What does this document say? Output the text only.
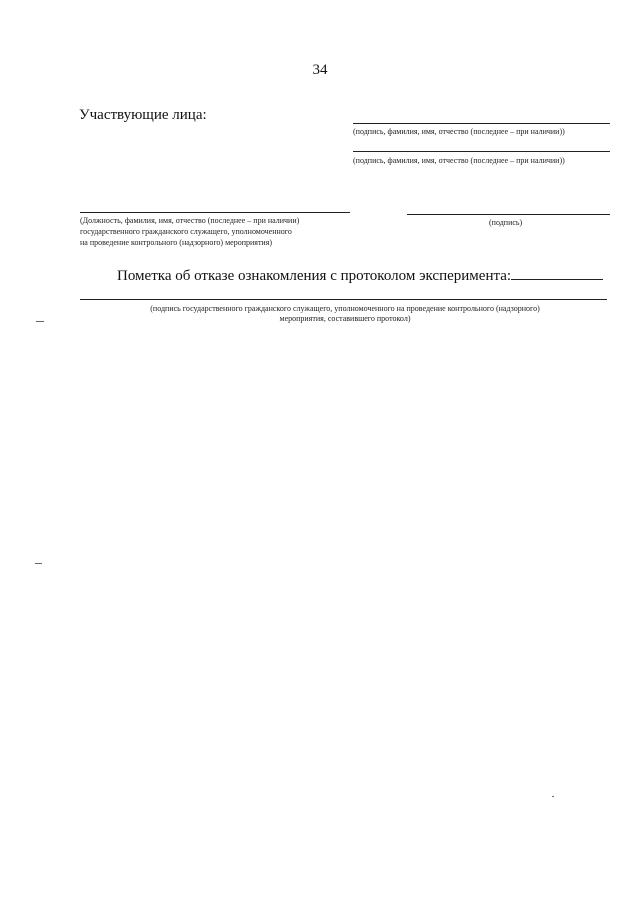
34
Участвующие лица:
(подпись, фамилия, имя, отчество (последнее – при наличии))
(подпись, фамилия, имя, отчество (последнее – при наличии))
(Должность, фамилия, имя, отчество (последнее – при наличии)
государственного гражданского служащего, уполномоченного
на проведение контрольного (надзорного) мероприятия)
(подпись)
Пометка об отказе ознакомления с протоколом эксперимента:
(подпись государственного гражданского служащего, уполномоченного на проведение контрольного (надзорного)
мероприятия, составившего протокол)
